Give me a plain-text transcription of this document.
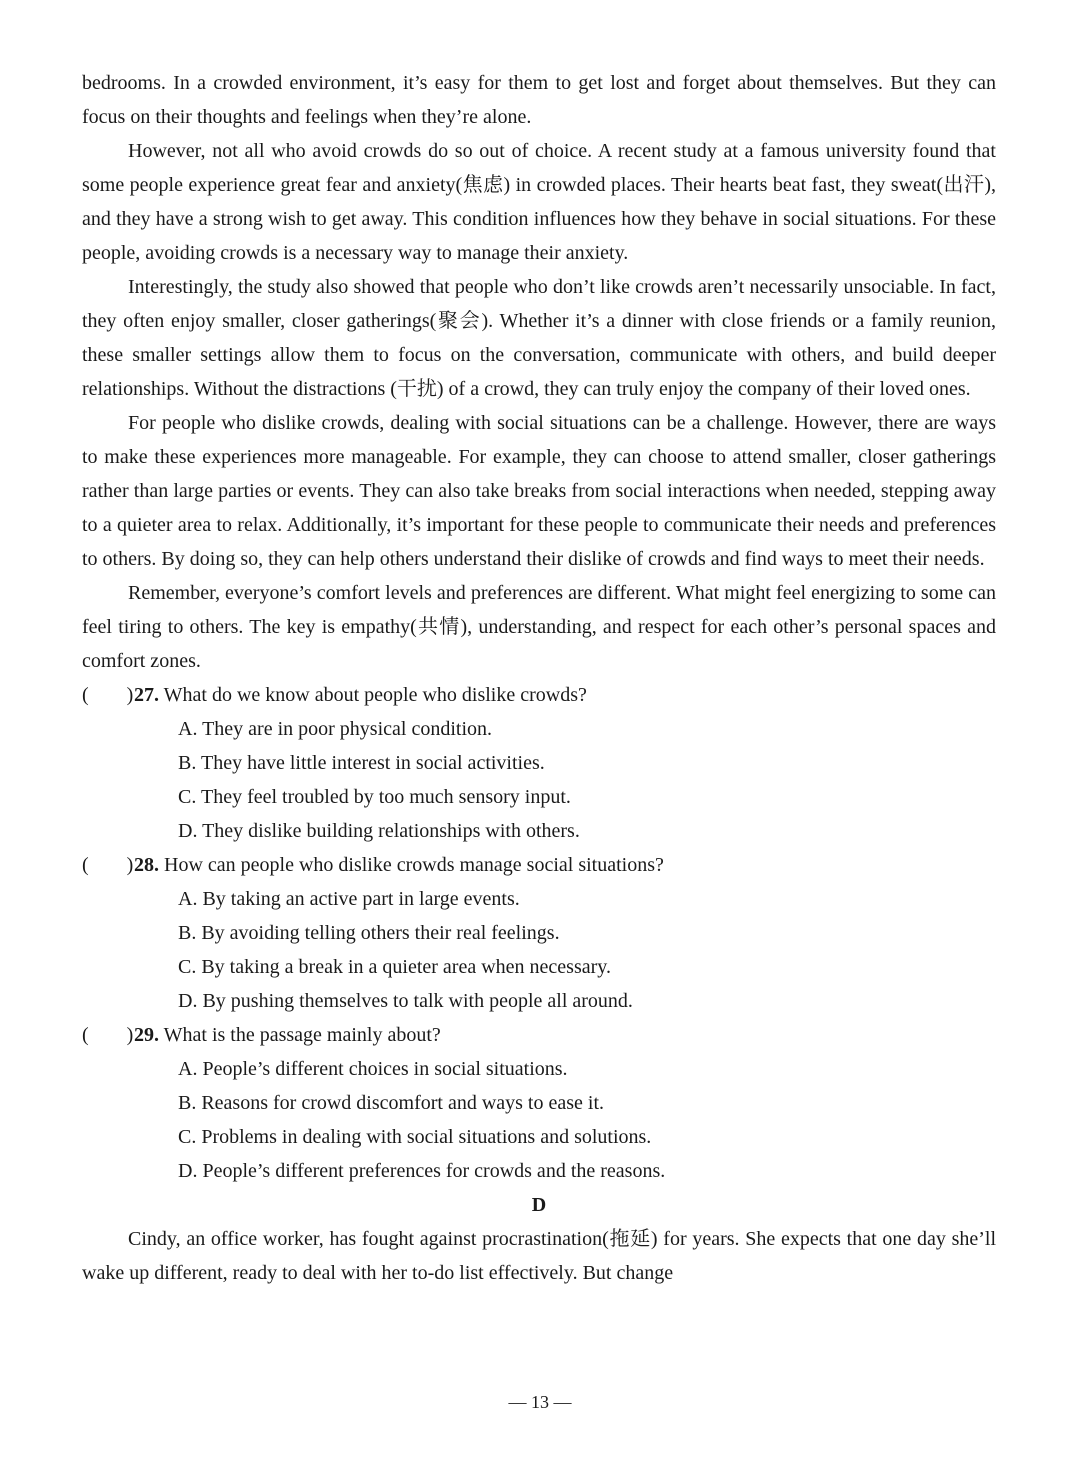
bedrooms. In a crowded environment, it’s easy for them to get lost and forget about themselves. But they can focus on their thoughts and feelings when they’re alone.

However, not all who avoid crowds do so out of choice. A recent study at a famous university found that some people experience great fear and anxiety(焦虑) in crowded places. Their hearts beat fast, they sweat(出汗), and they have a strong wish to get away. This condition influences how they behave in social situations. For these people, avoiding crowds is a necessary way to manage their anxiety.

Interestingly, the study also showed that people who don’t like crowds aren’t necessarily unsociable. In fact, they often enjoy smaller, closer gatherings(聚会). Whether it’s a dinner with close friends or a family reunion, these smaller settings allow them to focus on the conversation, communicate with others, and build deeper relationships. Without the distractions (干扰) of a crowd, they can truly enjoy the company of their loved ones.

For people who dislike crowds, dealing with social situations can be a challenge. However, there are ways to make these experiences more manageable. For example, they can choose to attend smaller, closer gatherings rather than large parties or events. They can also take breaks from social interactions when needed, stepping away to a quieter area to relax. Additionally, it’s important for these people to communicate their needs and preferences to others. By doing so, they can help others understand their dislike of crowds and find ways to meet their needs.

Remember, everyone’s comfort levels and preferences are different. What might feel energizing to some can feel tiring to others. The key is empathy(共情), understanding, and respect for each other’s personal spaces and comfort zones.

( )27. What do we know about people who dislike crowds?

A. They are in poor physical condition.

B. They have little interest in social activities.

C. They feel troubled by too much sensory input.

D. They dislike building relationships with others.

( )28. How can people who dislike crowds manage social situations?

A. By taking an active part in large events.

B. By avoiding telling others their real feelings.

C. By taking a break in a quieter area when necessary.

D. By pushing themselves to talk with people all around.

( )29. What is the passage mainly about?

A. People’s different choices in social situations.

B. Reasons for crowd discomfort and ways to ease it.

C. Problems in dealing with social situations and solutions.

D. People’s different preferences for crowds and the reasons.

D

Cindy, an office worker, has fought against procrastination(拖延) for years. She expects that one day she’ll wake up different, ready to deal with her to-do list effectively. But change

— 13 —
